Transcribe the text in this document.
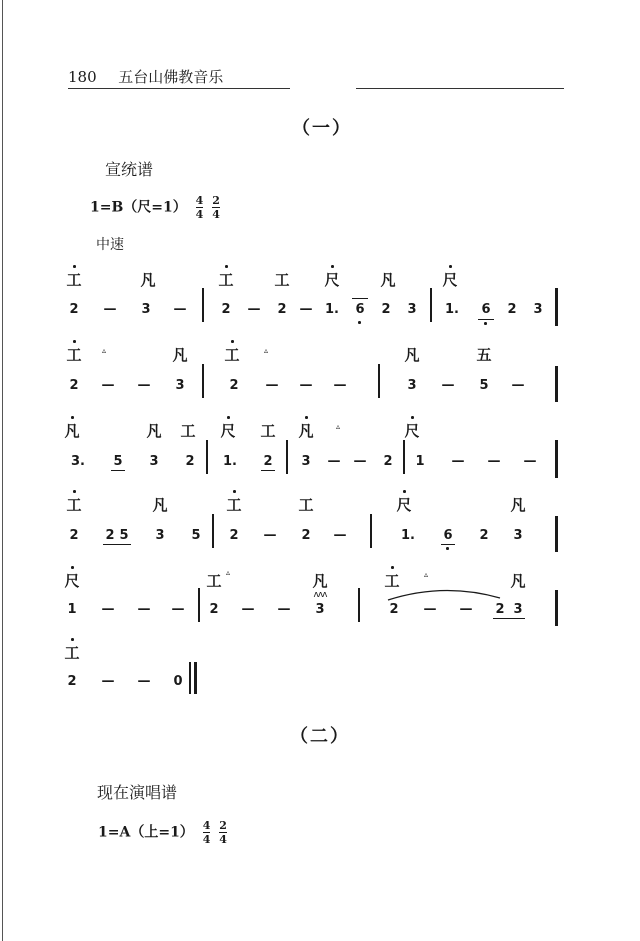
180 五台山佛教音乐
（一）
宣统谱
1=B（尺$=1) \frac{4}{4}$
$\frac{2}{4}$
中速
工	凡	工	工 尺	凡	尺
2 — 3 —	2 — 2 — 1. 6 2 3 1. 6 2 3
工	▵	凡 工	▵	凡	五
2 — — 3	2 — — —	3 — 5 —
凡	凡 工 尺 工 凡	▵	尺
3. 5 3 2 1. 2 3 — — 2 1 — — —
工	凡	工	工	尺	凡
2 2 5 3 5 2 — 2 —	1. 6 2 3
尺	工 ▵	凡	工	▵	凡
1 — — — 2 — —
ʌʌʌ
3	2 — — 2 3
工
2 — — 0
（二）
现在演唱谱
1=A（上$=1) \frac{4}{4}$
$\frac{2}{4}$
